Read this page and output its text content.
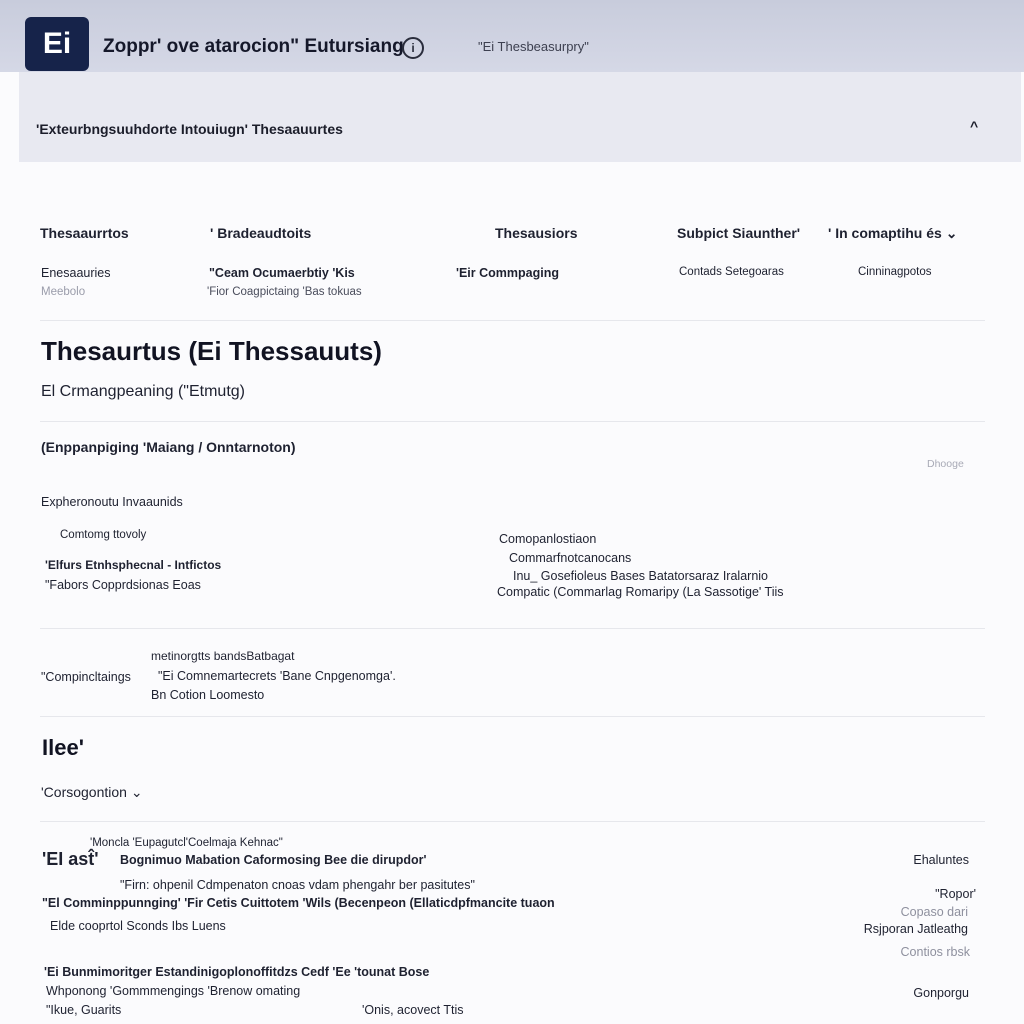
Ei	Zoppr' ove atarocion" Eutursiang i	"Ei Thesbeasurpry"
'Exteurbngsuuhdorte Intouiugn' Thesaauurtes	^
Thesaaurrtos	' Bradeaudtoits	Thesausiors	Subpict Siaunther' ' In comaptihu és ⌄
Enesaauries	"Ceam Ocumaerbtiy 'Kis	'Eir Commpaging	Contads Setegoaras	Cinninagpotos
Meebolo	'Fior Coagpictaing 'Bas tokuas
Thesaurtus (Ei Thessauuts)
El Crmangpeaning ("Etmutg)
(Enppanpiging 'Maiang / Onntarnoton)
Dhooge
Expheronoutu Invaaunids
Comtomg ttovoly
'Elfurs Etnhsphecnal - Intfictos
"Fabors Copprdsionas Eoas
Comopanlostiaon
Commarfnotcanocans
Inu_ Gosefioleus Bases Batatorsaraz Iralarnio
Compatic (Commarlag Romaripy (La Sassotige' Tiis
"Compincltaings
metinorgtts bandsBatbagat
"Ei Comnemartecrets 'Bane Cnpgenomga'.
Bn Cotion Loomesto
Ilee'
'Corsogontion ⌄
'Moncla 'Eupagutcl'Coelmaja Kehnac"
'EI ast̂' Bognimuo Mabation Caformosing Bee die dirupdor'	Ehaluntes
"Firn: ohpenil Cdmpenaton cnoas vdam phengahr ber pasitutes"
"El Comminppunnging' 'Fir Cetis Cuittotem 'Wils (Becenpeon (Ellaticdpfmancite tuaon
"Ropor'
Copaso dari
Elde cooprtol Sconds Ibs Luens	Rsjporan Jatleathg
Contios rbsk
'Ei Bunmimoritger Estandinigoplonoffitdzs Cedf 'Ee 'tounat Bose
Whponong 'Gommmengings 'Brenow omating	Gonporgu
"Ikue, Guarits	'Onis, acovect Ttis
